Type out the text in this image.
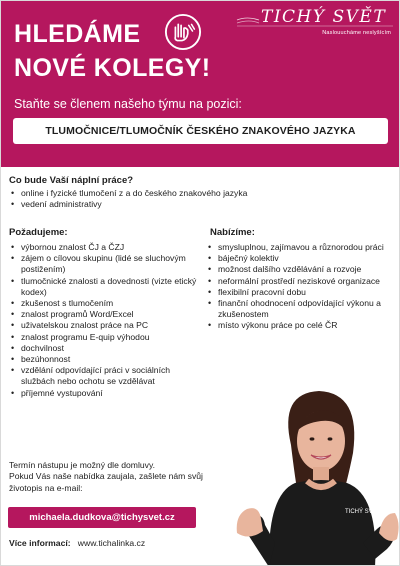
HLEDÁME
NOVÉ KOLEGY!
TICHÝ SVĚT
Naslouucháme neslyšícím
Staňte se členem našeho týmu na pozici:
TLUMOČNICE/TLUMOČNÍK ČESKÉHO ZNAKOVÉHO JAZYKA
Co bude Vaší náplní práce?
• online i fyzické tlumočení z a do českého znakového jazyka
• vedení administrativy
Požadujeme:
• výbornou znalost ČJ a ČZJ
• zájem o cílovou skupinu (lidé se sluchovým postižením)
• tlumočnické znalosti a dovednosti (vizte etický kodex)
• zkušenost s tlumočením
• znalost programů Word/Excel
• uživatelskou znalost práce na PC
• znalost programu E-quip výhodou
• dochvilnost
• bezúhonnost
• vzdělání odpovídající práci v sociálních službách nebo ochotu se vzdělávat
• příjemné vystupování
Nabízíme:
• smysluplnou, zajímavou a různorodou práci
• báječný kolektiv
• možnost dalšího vzdělávání a rozvoje
• neformální prostředí neziskové organizace
• flexibilní pracovní dobu
• finanční ohodnocení odpovídající výkonu a zkušenostem
• místo výkonu práce po celé ČR
TICHÝ SVĚT
Termín nástupu je možný dle domluvy.
Pokud Vás naše nabídka zaujala, zašlete nám svůj životopis na e-mail:
michaela.dudkova@tichysvet.cz
Více informací: www.tichalinka.cz
